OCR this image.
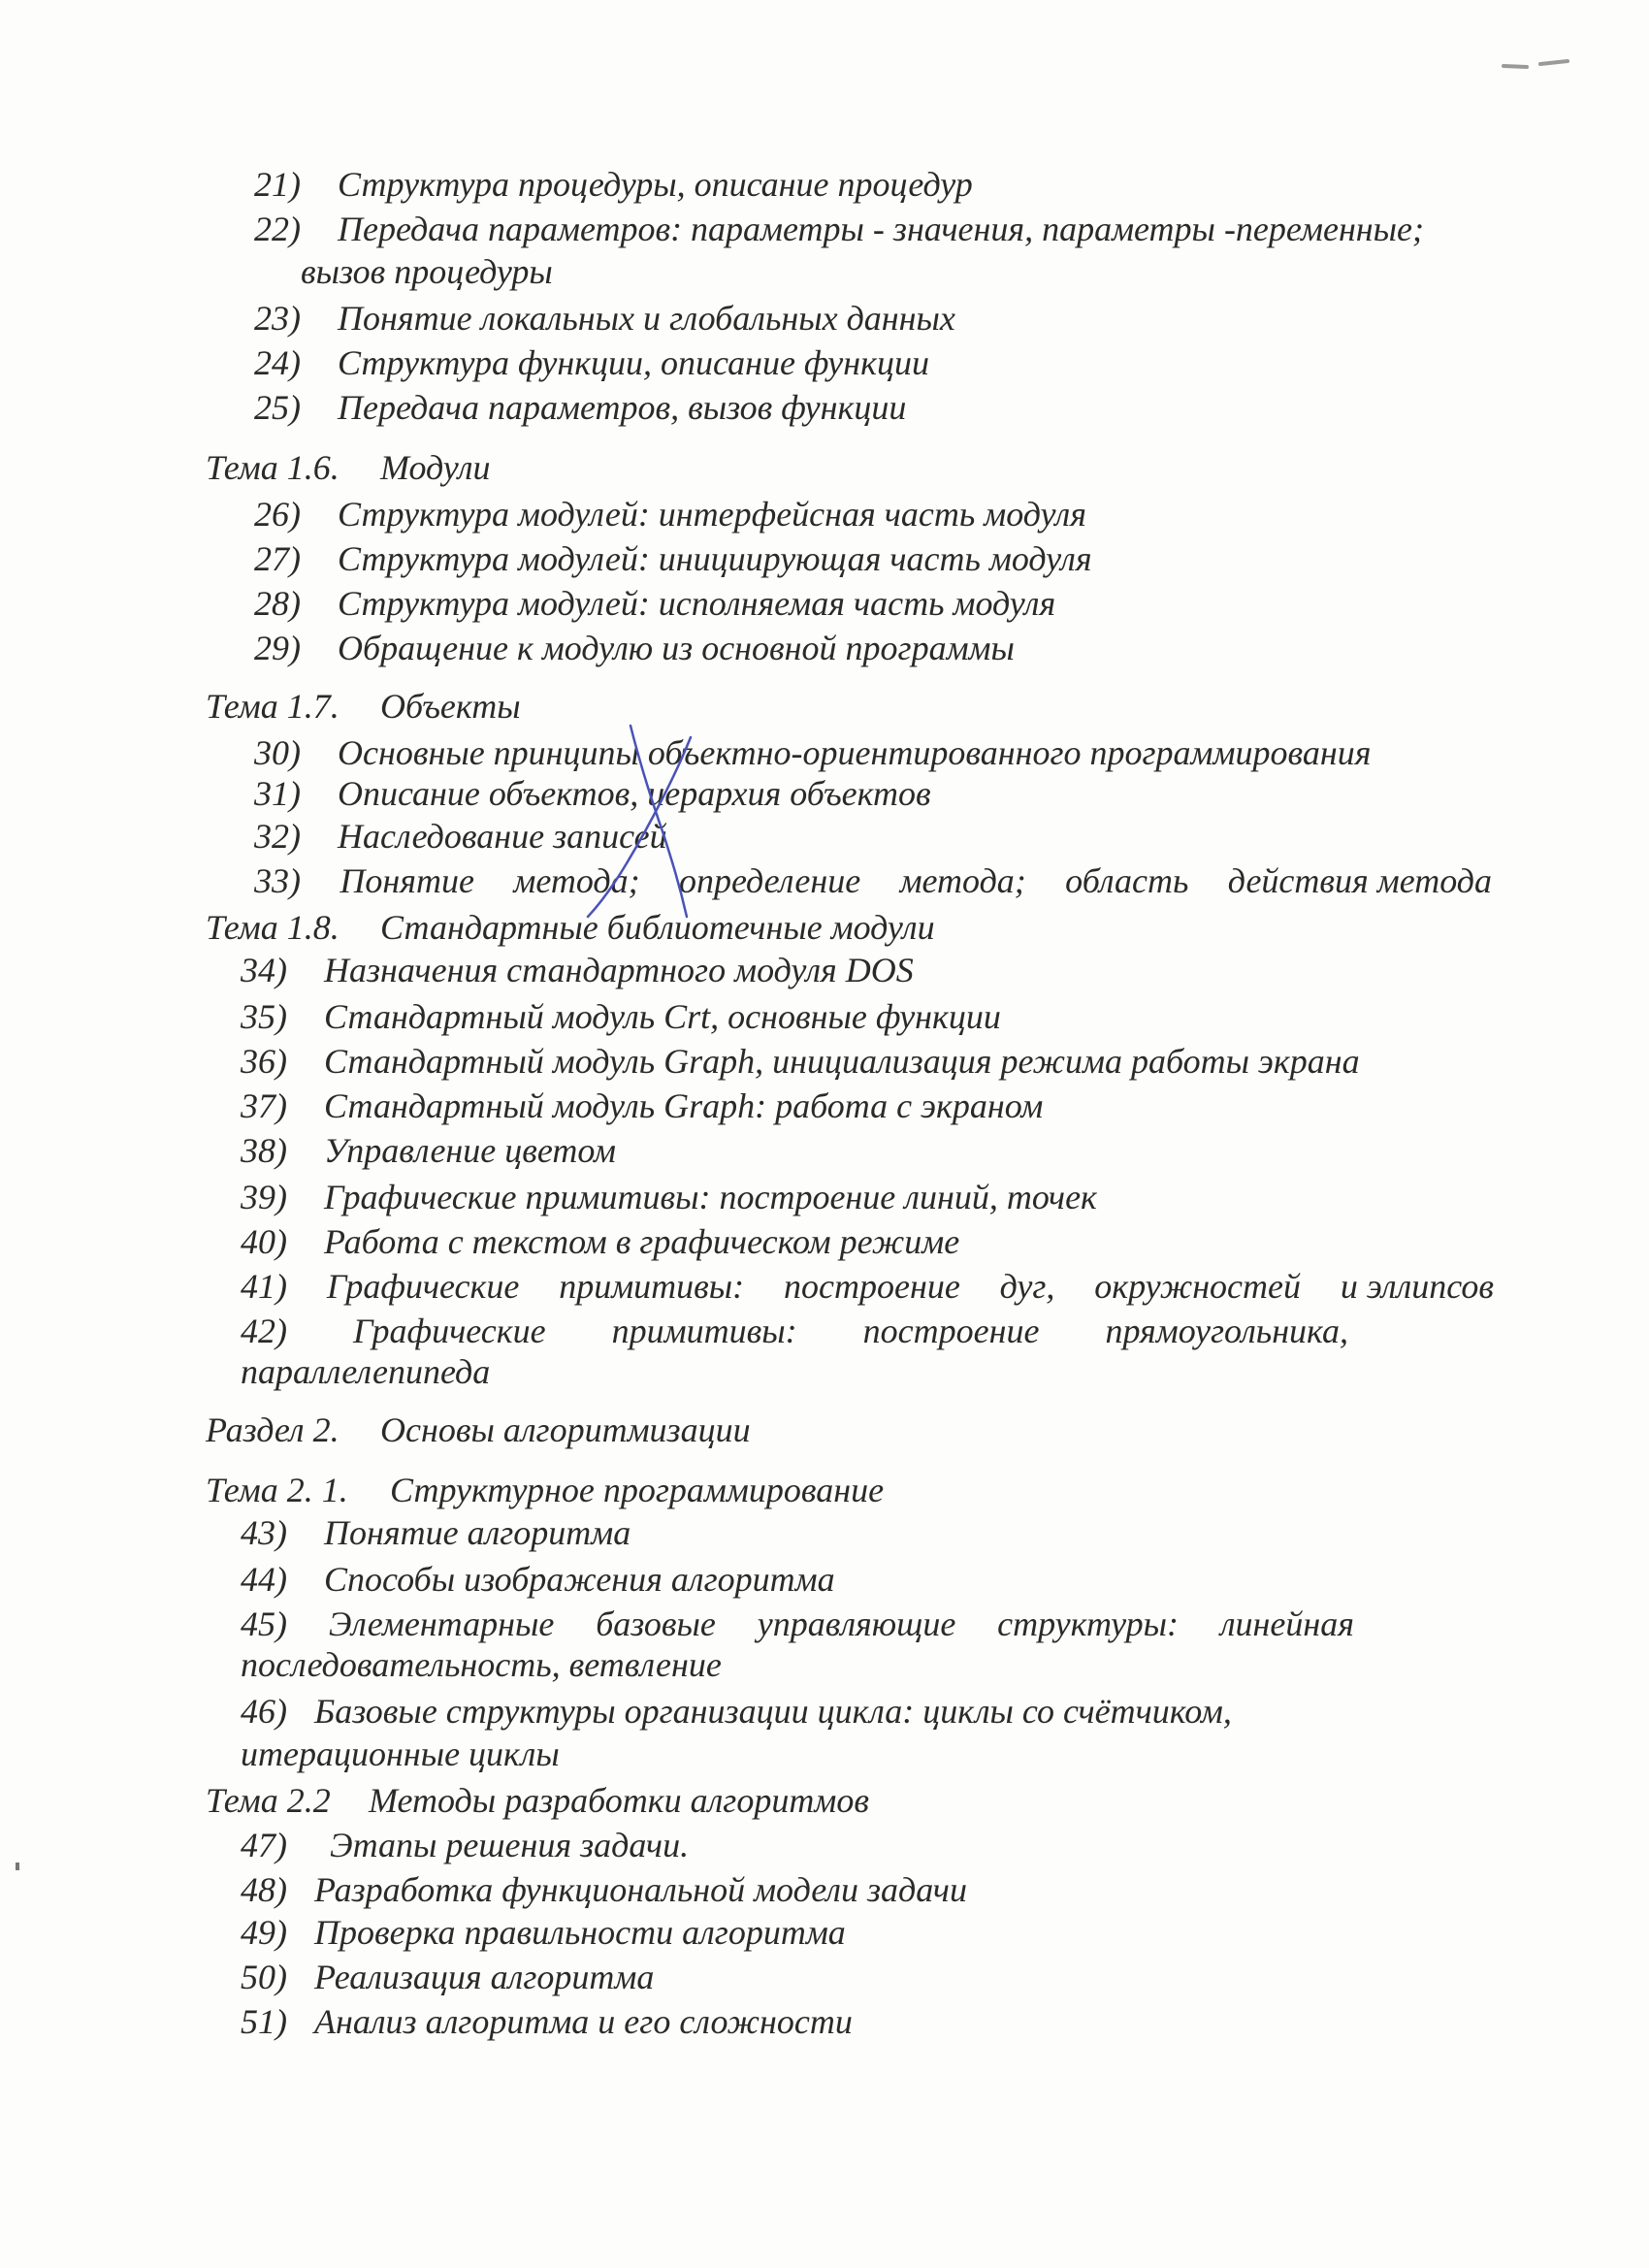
21) Структура процедуры, описание процедур
22) Передача параметров: параметры - значения, параметры -переменные;
вызов процедуры
23) Понятие локальных и глобальных данных
24) Структура функции, описание функции
25) Передача параметров, вызов функции
Тема 1.6. Модули
26) Структура модулей: интерфейсная часть модуля
27) Структура модулей: инициирующая часть модуля
28) Структура модулей: исполняемая часть модуля
29) Обращение к модулю из основной программы
Тема 1.7. Объекты
30) Основные принципы объектно-ориентированного программирования
31) Описание объектов, иерархия объектов
32) Наследование записей
33) Понятие метода; определение метода; область действия метода
Тема 1.8. Стандартные библиотечные модули
34) Назначения стандартного модуля DOS
35) Стандартный модуль Crt, основные функции
36) Стандартный модуль Graph, инициализация режима работы экрана
37) Стандартный модуль Graph: работа с экраном
38) Управление цветом
39) Графические примитивы: построение линий, точек
40) Работа с текстом в графическом режиме
41) Графические примитивы: построение дуг, окружностей и эллипсов
42) Графические примитивы: построение прямоугольника,
параллелепипеда
Раздел 2. Основы алгоритмизации
Тема 2. 1. Структурное программирование
43) Понятие алгоритма
44) Способы изображения алгоритма
45) Элементарные базовые управляющие структуры: линейная
последовательность, ветвление
46) Базовые структуры организации цикла: циклы со счётчиком,
итерационные циклы
Тема 2.2 Методы разработки алгоритмов
47) Этапы решения задачи.
48) Разработка функциональной модели задачи
49) Проверка правильности алгоритма
50) Реализация алгоритма
51) Анализ алгоритма и его сложности
